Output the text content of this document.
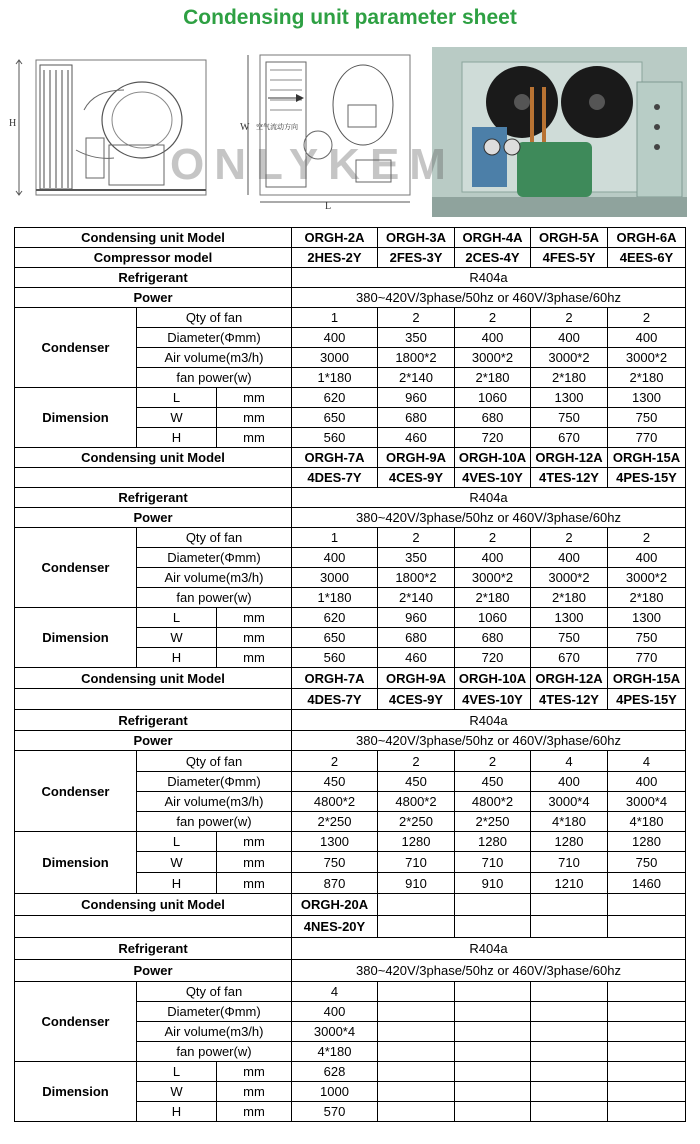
Condensing unit parameter sheet
H	W
L
空气流动方向
ONLYKEM
Condensing unit Model			ORGH-2A	ORGH-3A	ORGH-4A	ORGH-5A	ORGH-6A
Compressor model			2HES-2Y	2FES-3Y	2CES-4Y	4FES-5Y	4EES-6Y
Refrigerant			R404a				
Power			380~420V/3phase/50hz or 460V/3phase/60hz				
Condenser	Qty of fan		1	2	2	2	2
	Diameter(Φmm)		400	350	400	400	400
	Air volume(m3/h)		3000	1800*2	3000*2	3000*2	3000*2
	fan power(w)		1*180	2*140	2*180	2*180	2*180
Dimension	L	mm	620	960	1060	1300	1300
	W	mm	650	680	680	750	750
	H	mm	560	460	720	670	770
Condensing unit Model			ORGH-7A	ORGH-9A	ORGH-10A	ORGH-12A	ORGH-15A
			4DES-7Y	4CES-9Y	4VES-10Y	4TES-12Y	4PES-15Y
Refrigerant			R404a				
Power			380~420V/3phase/50hz or 460V/3phase/60hz				
Condenser	Qty of fan		1	2	2	2	2
	Diameter(Φmm)		400	350	400	400	400
	Air volume(m3/h)		3000	1800*2	3000*2	3000*2	3000*2
	fan power(w)		1*180	2*140	2*180	2*180	2*180
Dimension	L	mm	620	960	1060	1300	1300
	W	mm	650	680	680	750	750
	H	mm	560	460	720	670	770
Condensing unit Model			ORGH-7A	ORGH-9A	ORGH-10A	ORGH-12A	ORGH-15A
			4DES-7Y	4CES-9Y	4VES-10Y	4TES-12Y	4PES-15Y
Refrigerant			R404a				
Power			380~420V/3phase/50hz or 460V/3phase/60hz				
Condenser	Qty of fan		2	2	2	4	4
	Diameter(Φmm)		450	450	450	400	400
	Air volume(m3/h)		4800*2	4800*2	4800*2	3000*4	3000*4
	fan power(w)		2*250	2*250	2*250	4*180	4*180
Dimension	L	mm	1300	1280	1280	1280	1280
	W	mm	750	710	710	710	750
	H	mm	870	910	910	1210	1460
Condensing unit Model			ORGH-20A				
			4NES-20Y				
Refrigerant			R404a				
Power			380~420V/3phase/50hz or 460V/3phase/60hz				
Condenser	Qty of fan		4				
	Diameter(Φmm)		400				
	Air volume(m3/h)		3000*4				
	fan power(w)		4*180				
Dimension	L	mm	628				
	W	mm	1000				
	H	mm	570				
